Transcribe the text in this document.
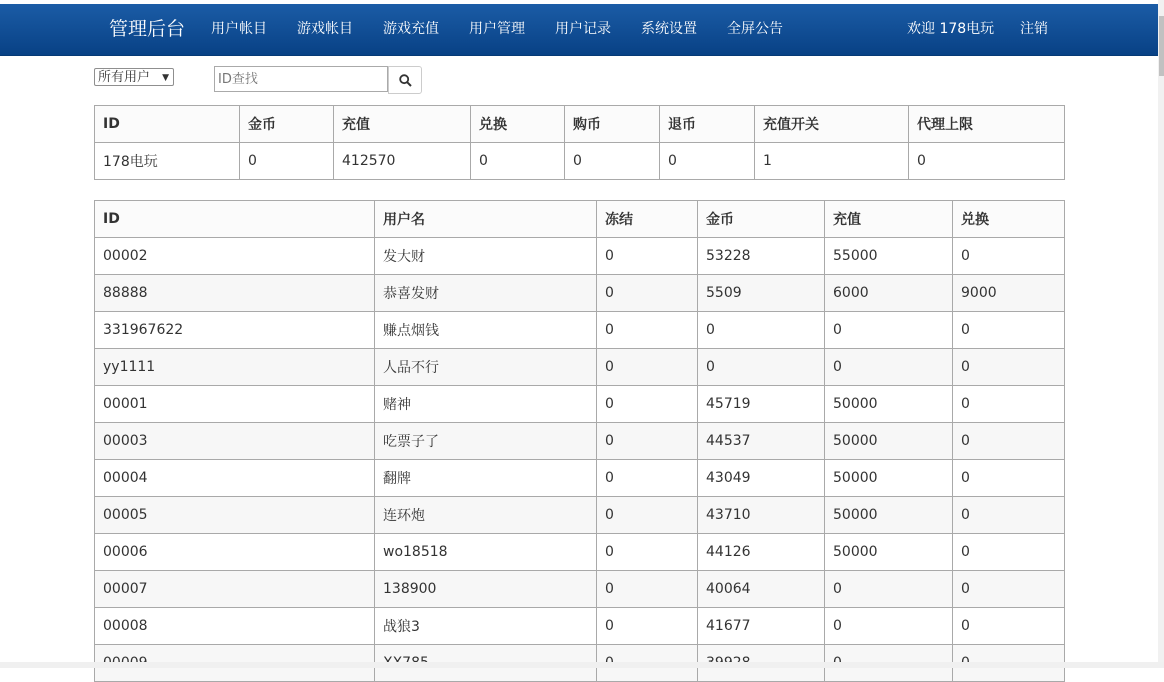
管理后台 用户帐目 游戏帐目 游戏充值 用户管理 用户记录 系统设置 全屏公告	欢迎 178电玩 注销
所有用户 ▼
ID查找
ID	金币	充值	兑换	购币	退币	充值开关	代理上限
178电玩	0	412570	0	0	0	1	0
ID	用户名	冻结	金币	充值	兑换
00002	发大财	0	53228	55000	0
88888	恭喜发财	0	5509	6000	9000
331967622	赚点烟钱	0	0	0	0
yy1111	人品不行	0	0	0	0
00001	赌神	0	45719	50000	0
00003	吃票子了	0	44537	50000	0
00004	翻牌	0	43049	50000	0
00005	连环炮	0	43710	50000	0
00006	wo18518	0	44126	50000	0
00007	138900	0	40064	0	0
00008	战狼3	0	41677	0	0
